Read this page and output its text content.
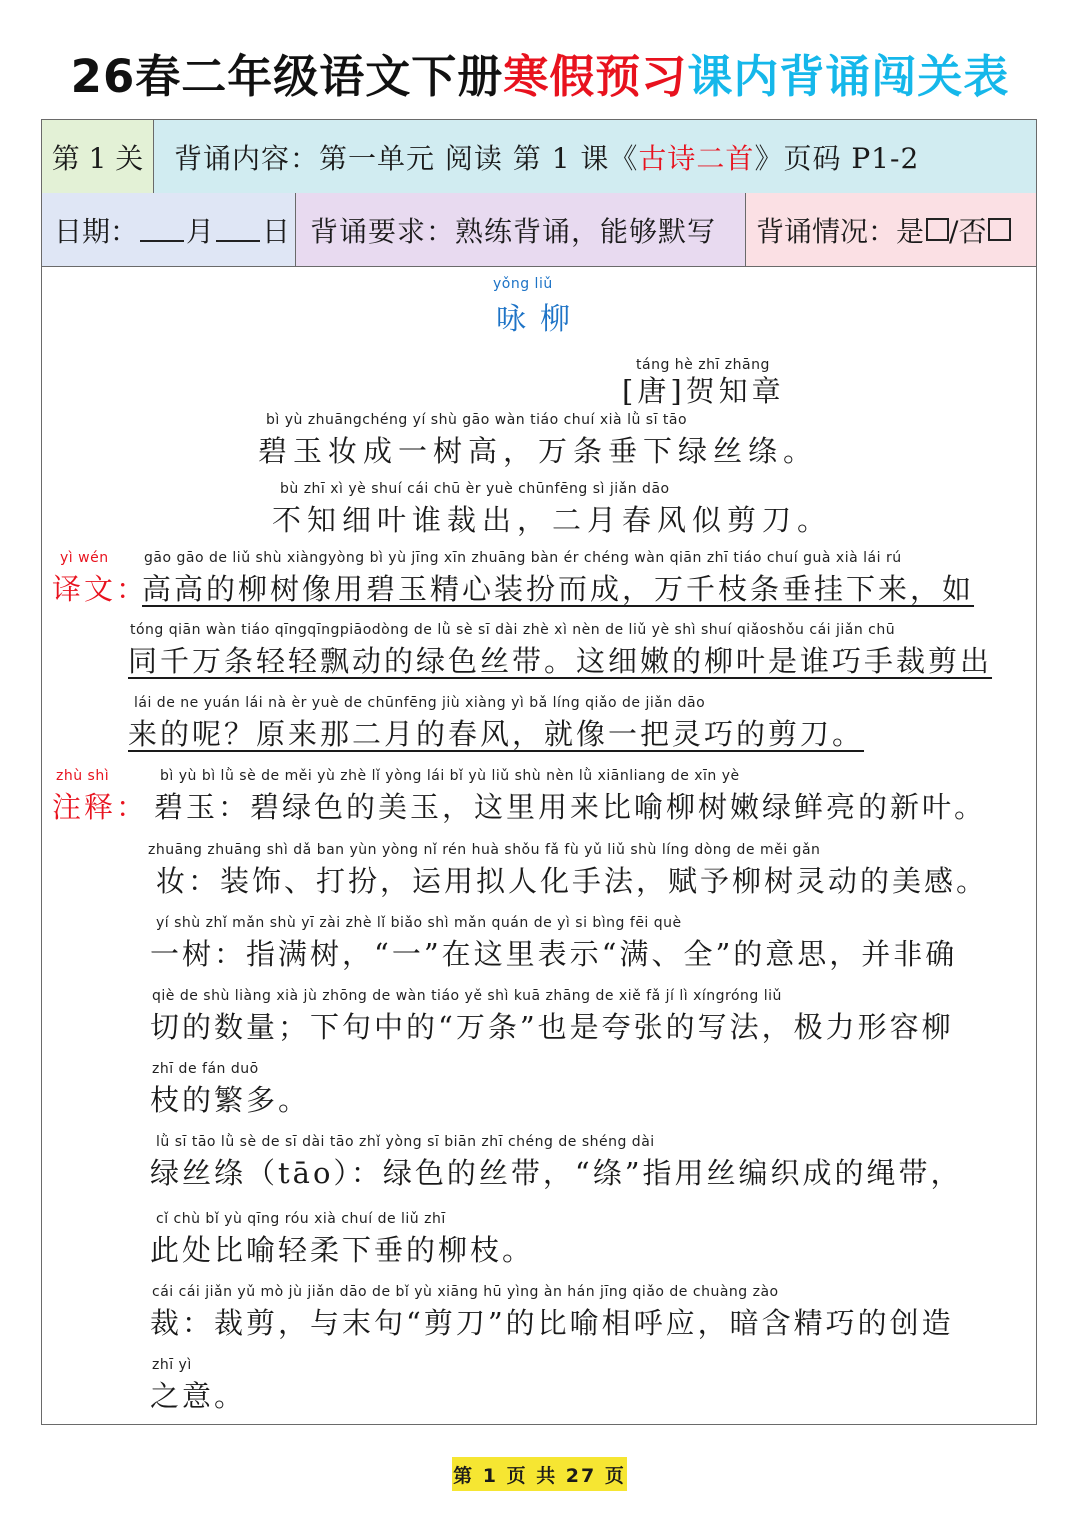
26春二年级语文下册寒假预习课内背诵闯关表
第 1 关	背诵内容：第一单元 阅读 第 1 课《 古诗二首 》页码 P1-2
日期： 月 日 背诵要求：熟练背诵，能够默写	背诵情况：是 /否
yǒng liǔ
咏柳
táng hè zhī zhāng
[唐]贺知章
bì yù zhuāngchéng yí shù gāo wàn tiáo chuí xià lǜ sī tāo
碧玉妆成一树高，万条垂下绿丝绦。
bù zhī xì yè shuí cái chū èr yuè chūnfēng sì jiǎn dāo
不知细叶谁裁出，二月春风似剪刀。
yì wén
译文：
gāo gāo de liǔ shù xiàngyòng bì yù jīng xīn zhuāng bàn ér chéng wàn qiān zhī tiáo chuí guà xià lái rú
高高的柳树像用碧玉精心装扮而成，万千枝条垂挂下来，如
tóng qiān wàn tiáo qīngqīngpiāodòng de lǜ sè sī dài zhè xì nèn de liǔ yè shì shuí qiǎoshǒu cái jiǎn chū
同千万条轻轻飘动的绿色丝带。这细嫩的柳叶是谁巧手裁剪出
lái de ne yuán lái nà èr yuè de chūnfēng jiù xiàng yì bǎ líng qiǎo de jiǎn dāo
来的呢？原来那二月的春风，就像一把灵巧的剪刀。
zhù shì
注释：
bì yù bì lǜ sè de měi yù zhè lǐ yòng lái bǐ yù liǔ shù nèn lǜ xiānliang de xīn yè
碧玉：碧绿色的美玉，这里用来比喻柳树嫩绿鲜亮的新叶。
zhuāng zhuāng shì dǎ ban yùn yòng nǐ rén huà shǒu fǎ fù yǔ liǔ shù líng dòng de měi gǎn
妆：装饰、打扮，运用拟人化手法，赋予柳树灵动的美感。
yí shù zhǐ mǎn shù yī zài zhè lǐ biǎo shì mǎn quán de yì si bìng fēi què
一树：指满树，“一”在这里表示“满、全”的意思，并非确
qiè de shù liàng xià jù zhōng de wàn tiáo yě shì kuā zhāng de xiě fǎ jí lì xíngróng liǔ
切的数量；下句中的“万条”也是夸张的写法，极力形容柳
zhī de fán duō
枝的繁多。
lǜ sī tāo lǜ sè de sī dài tāo zhǐ yòng sī biān zhī chéng de shéng dài
绿丝绦（tāo）：绿色的丝带，“绦”指用丝编织成的绳带，
cǐ chù bǐ yù qīng róu xià chuí de liǔ zhī
此处比喻轻柔下垂的柳枝。
cái cái jiǎn yǔ mò jù jiǎn dāo de bǐ yù xiāng hū yìng àn hán jīng qiǎo de chuàng zào
裁：裁剪，与末句“剪刀”的比喻相呼应，暗含精巧的创造
zhī yì
之意。
第 1 页 共 27 页
